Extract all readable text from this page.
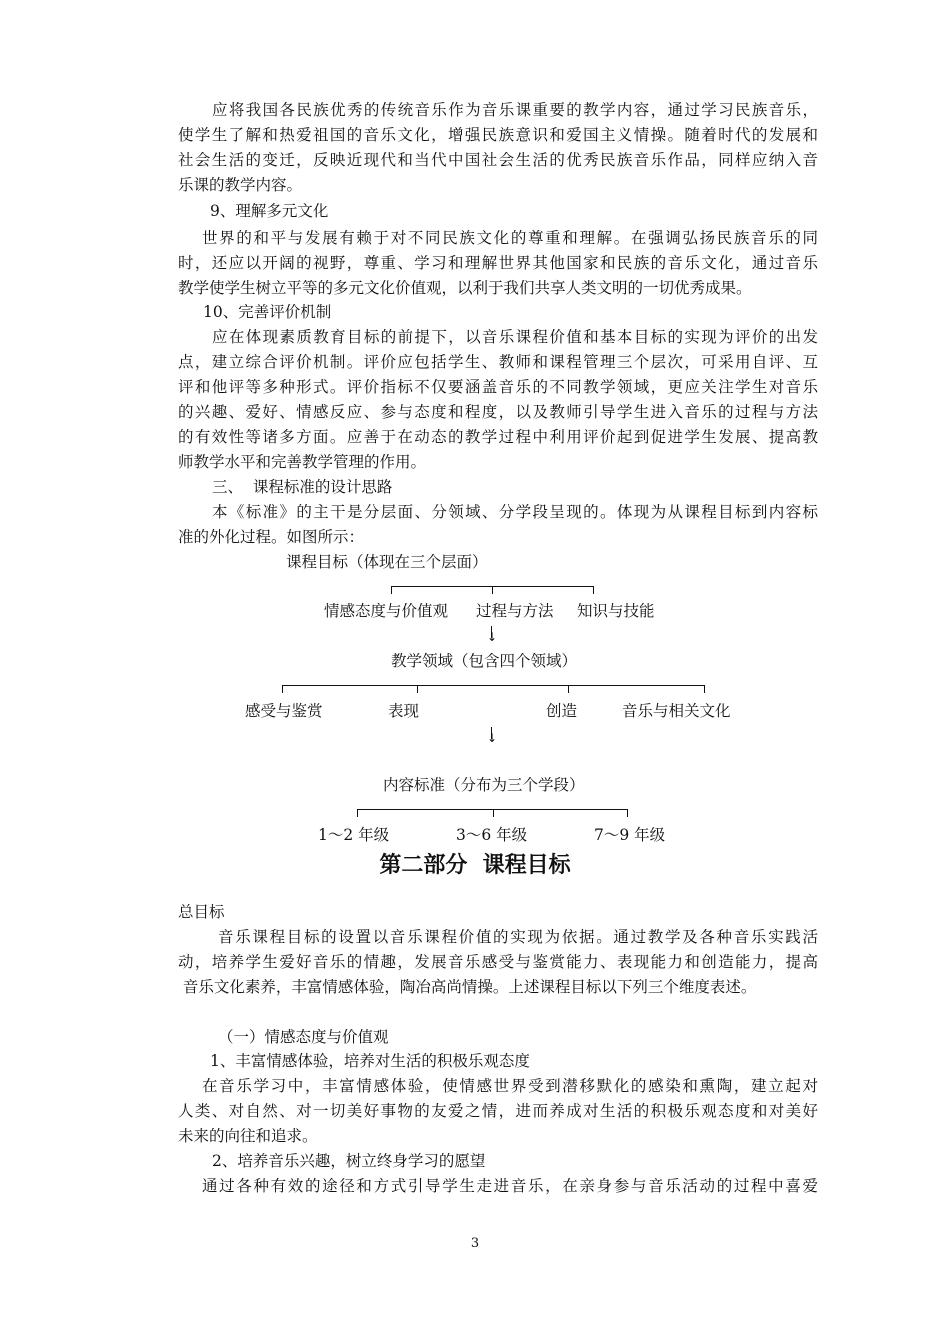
应将我国各民族优秀的传统音乐作为音乐课重要的教学内容，通过学习民族音乐，
使学生了解和热爱祖国的音乐文化，增强民族意识和爱国主义情操。随着时代的发展和
社会生活的变迁，反映近现代和当代中国社会生活的优秀民族音乐作品，同样应纳入音
乐课的教学内容。
9、理解多元文化
世界的和平与发展有赖于对不同民族文化的尊重和理解。在强调弘扬民族音乐的同
时，还应以开阔的视野，尊重、学习和理解世界其他国家和民族的音乐文化，通过音乐
教学使学生树立平等的多元文化价值观，以利于我们共享人类文明的一切优秀成果。
10、完善评价机制
应在体现素质教育目标的前提下，以音乐课程价值和基本目标的实现为评价的出发
点，建立综合评价机制。评价应包括学生、教师和课程管理三个层次，可采用自评、互
评和他评等多种形式。评价指标不仅要涵盖音乐的不同教学领域，更应关注学生对音乐
的兴趣、爱好、情感反应、参与态度和程度，以及教师引导学生进入音乐的过程与方法
的有效性等诸多方面。应善于在动态的教学过程中利用评价起到促进学生发展、提高教
师教学水平和完善教学管理的作用。
三、  课程标准的设计思路
本《标准》的主干是分层面、分领域、分学段呈现的。体现为从课程目标到内容标
准的外化过程。如图所示：
课程目标（体现在三个层面）
情感态度与价值观 过程与方法 知识与技能
↓
教学领域（包含四个领域）
感受与鉴赏	表现	创造	音乐与相关文化
↓
内容标准（分布为三个学段）
1～2 年级	3～6 年级	7～9 年级
第二部分  课程目标
总目标
音乐课程目标的设置以音乐课程价值的实现为依据。通过教学及各种音乐实践活
动，培养学生爱好音乐的情趣，发展音乐感受与鉴赏能力、表现能力和创造能力，提高
音乐文化素养，丰富情感体验，陶冶高尚情操。上述课程目标以下列三个维度表述。
（一）情感态度与价值观
1、丰富情感体验，培养对生活的积极乐观态度
在音乐学习中，丰富情感体验，使情感世界受到潜移默化的感染和熏陶，建立起对
人类、对自然、对一切美好事物的友爱之情，进而养成对生活的积极乐观态度和对美好
未来的向往和追求。
2、培养音乐兴趣，树立终身学习的愿望
通过各种有效的途径和方式引导学生走进音乐，在亲身参与音乐活动的过程中喜爱
3
